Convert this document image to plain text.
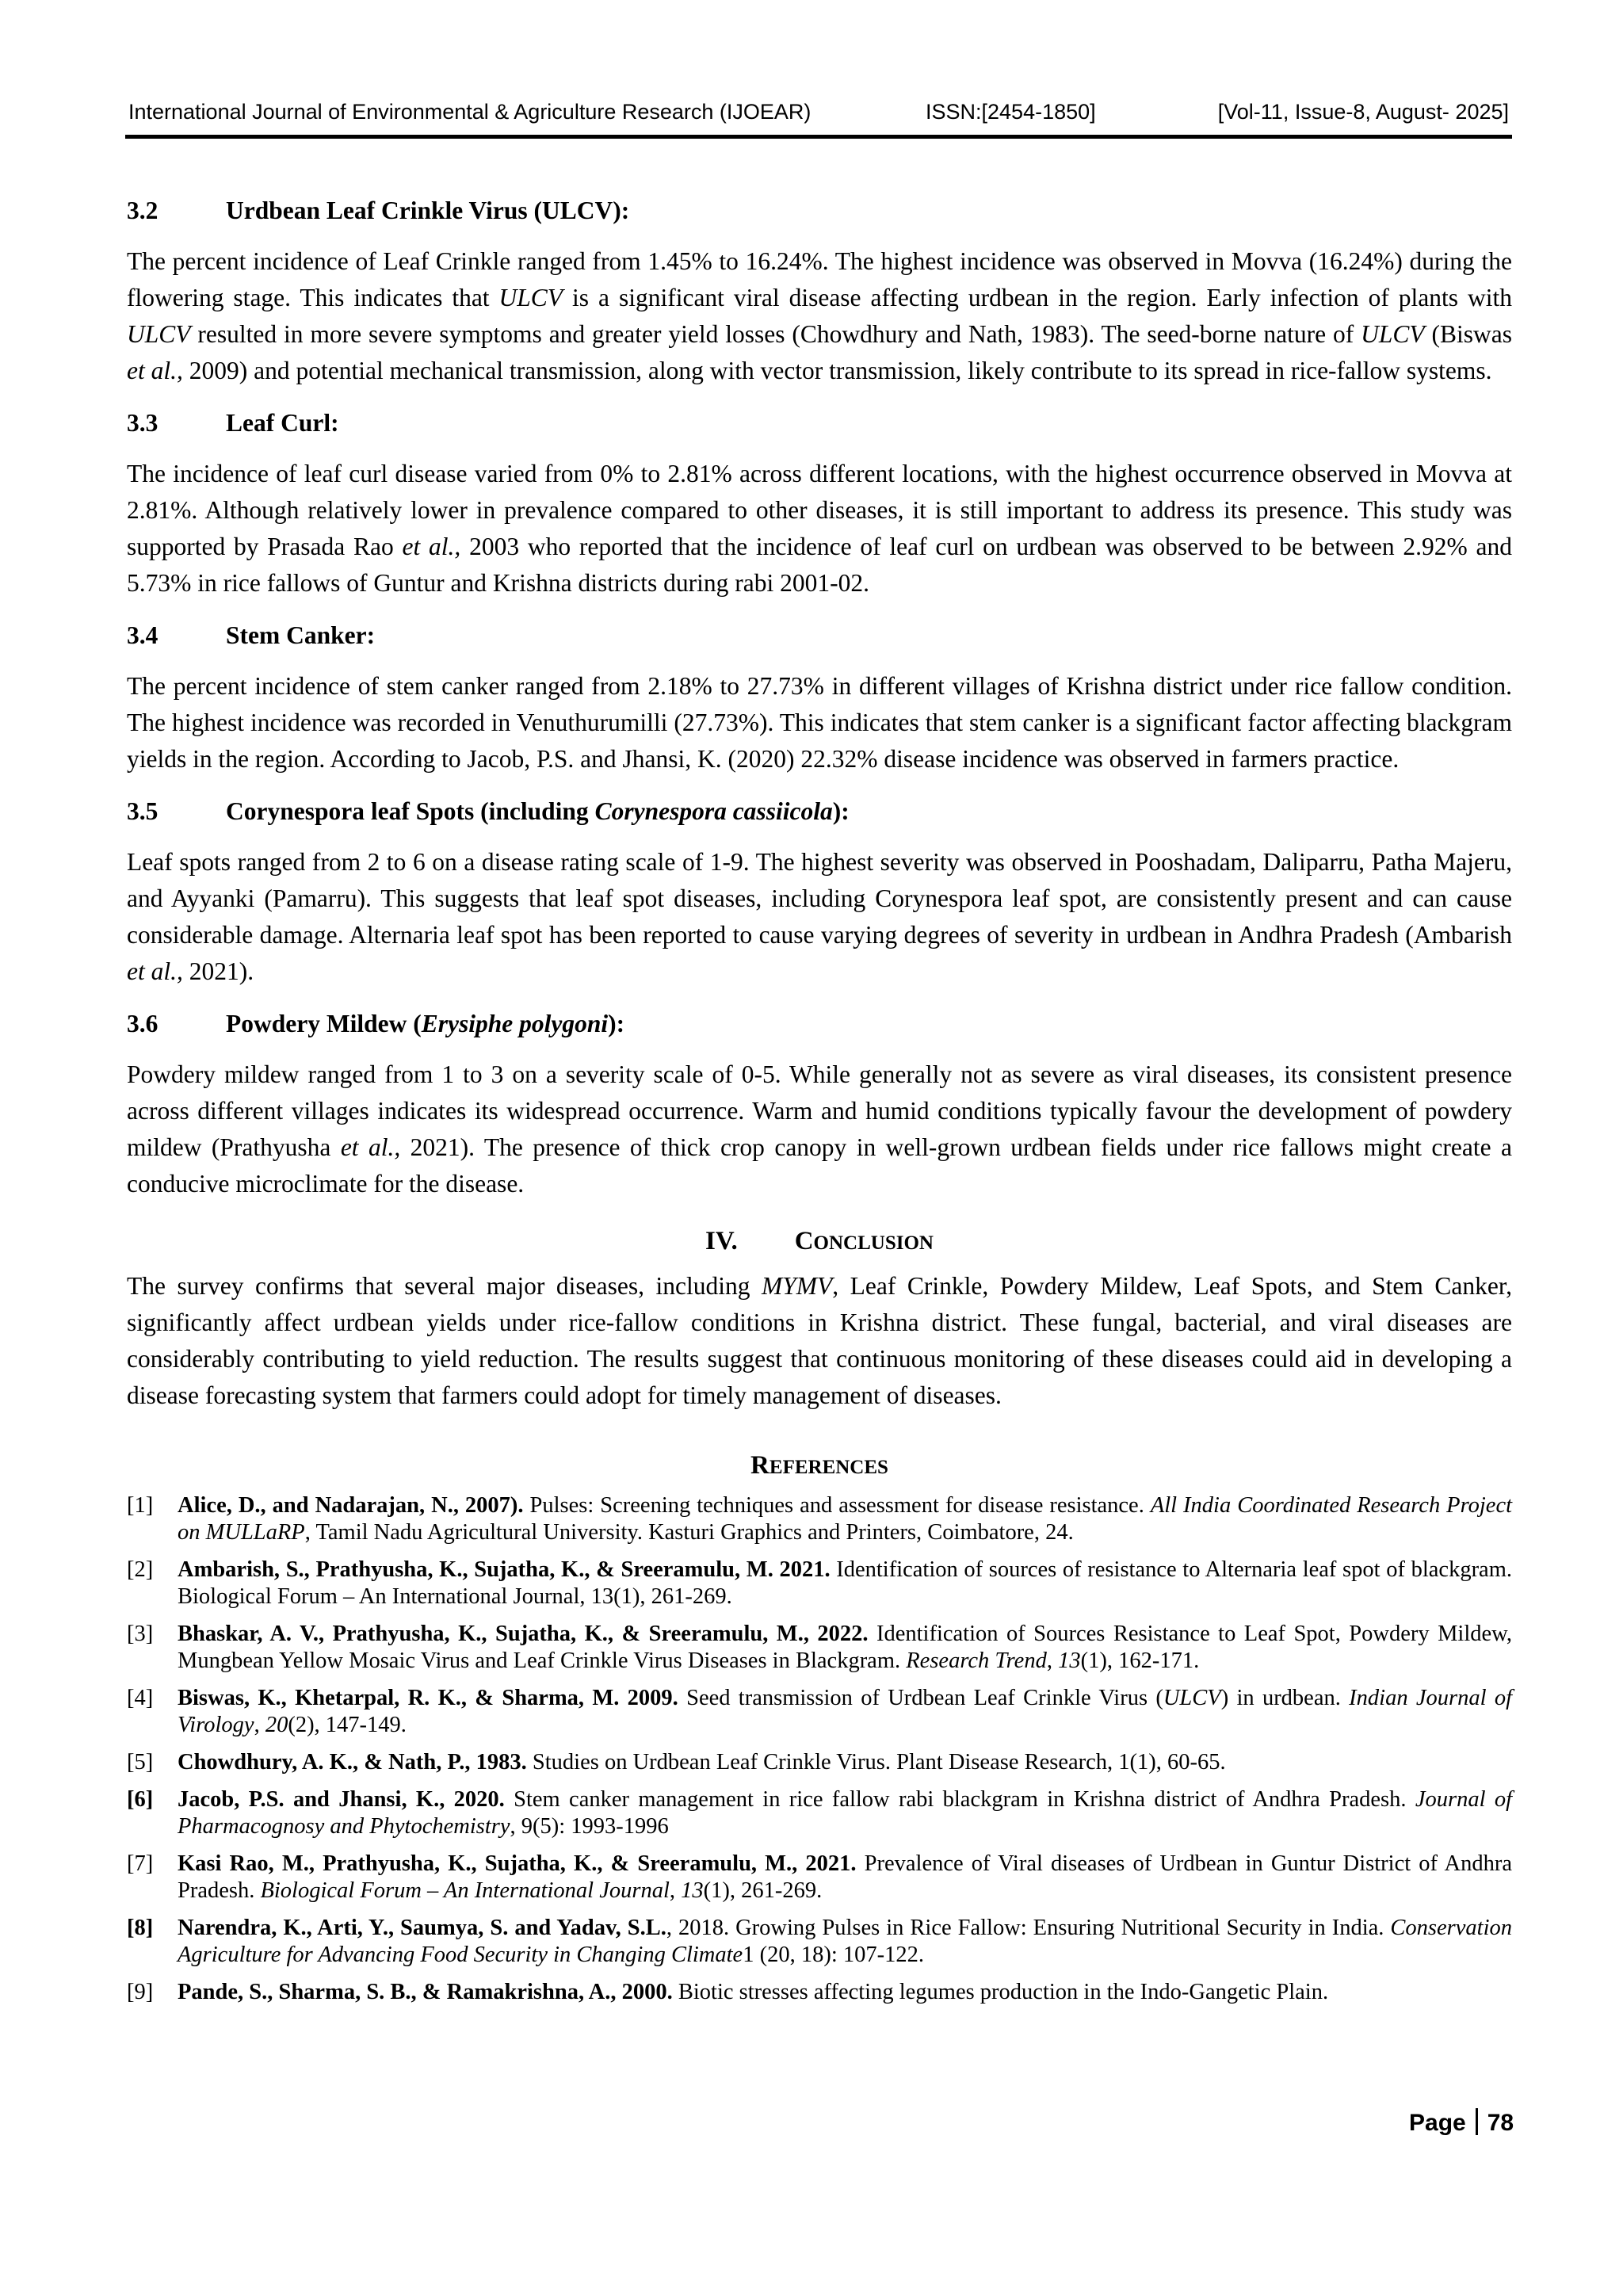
International Journal of Environmental & Agriculture Research (IJOEAR)	ISSN:[2454-1850]	[Vol-11, Issue-8, August- 2025]
3.2	Urdbean Leaf Crinkle Virus (ULCV):

The percent incidence of Leaf Crinkle ranged from 1.45% to 16.24%. The highest incidence was observed in Movva (16.24%) during the flowering stage. This indicates that ULCV is a significant viral disease affecting urdbean in the region. Early infection of plants with ULCV resulted in more severe symptoms and greater yield losses (Chowdhury and Nath, 1983). The seed-borne nature of ULCV (Biswas et al., 2009) and potential mechanical transmission, along with vector transmission, likely contribute to its spread in rice-fallow systems.

3.3	Leaf Curl:

The incidence of leaf curl disease varied from 0% to 2.81% across different locations, with the highest occurrence observed in Movva at 2.81%. Although relatively lower in prevalence compared to other diseases, it is still important to address its presence. This study was supported by Prasada Rao et al., 2003 who reported that the incidence of leaf curl on urdbean was observed to be between 2.92% and 5.73% in rice fallows of Guntur and Krishna districts during rabi 2001-02.

3.4	Stem Canker:

The percent incidence of stem canker ranged from 2.18% to 27.73% in different villages of Krishna district under rice fallow condition. The highest incidence was recorded in Venuthurumilli (27.73%). This indicates that stem canker is a significant factor affecting blackgram yields in the region. According to Jacob, P.S. and Jhansi, K. (2020) 22.32% disease incidence was observed in farmers practice.

3.5	Corynespora leaf Spots (including Corynespora cassiicola):

Leaf spots ranged from 2 to 6 on a disease rating scale of 1-9. The highest severity was observed in Pooshadam, Daliparru, Patha Majeru, and Ayyanki (Pamarru). This suggests that leaf spot diseases, including Corynespora leaf spot, are consistently present and can cause considerable damage. Alternaria leaf spot has been reported to cause varying degrees of severity in urdbean in Andhra Pradesh (Ambarish et al., 2021).

3.6	Powdery Mildew (Erysiphe polygoni):

Powdery mildew ranged from 1 to 3 on a severity scale of 0-5. While generally not as severe as viral diseases, its consistent presence across different villages indicates its widespread occurrence. Warm and humid conditions typically favour the development of powdery mildew (Prathyusha et al., 2021). The presence of thick crop canopy in well-grown urdbean fields under rice fallows might create a conducive microclimate for the disease.

IV. CONCLUSION

The survey confirms that several major diseases, including MYMV, Leaf Crinkle, Powdery Mildew, Leaf Spots, and Stem Canker, significantly affect urdbean yields under rice-fallow conditions in Krishna district. These fungal, bacterial, and viral diseases are considerably contributing to yield reduction. The results suggest that continuous monitoring of these diseases could aid in developing a disease forecasting system that farmers could adopt for timely management of diseases.

REFERENCES
[1] Alice, D., and Nadarajan, N., 2007). Pulses: Screening techniques and assessment for disease resistance. All India Coordinated Research Project on MULLaRP, Tamil Nadu Agricultural University. Kasturi Graphics and Printers, Coimbatore, 24.
[2] Ambarish, S., Prathyusha, K., Sujatha, K., & Sreeramulu, M. 2021. Identification of sources of resistance to Alternaria leaf spot of blackgram. Biological Forum – An International Journal, 13(1), 261-269.
[3] Bhaskar, A. V., Prathyusha, K., Sujatha, K., & Sreeramulu, M., 2022. Identification of Sources Resistance to Leaf Spot, Powdery Mildew, Mungbean Yellow Mosaic Virus and Leaf Crinkle Virus Diseases in Blackgram. Research Trend, 13(1), 162-171.
[4] Biswas, K., Khetarpal, R. K., & Sharma, M. 2009. Seed transmission of Urdbean Leaf Crinkle Virus (ULCV) in urdbean. Indian Journal of Virology, 20(2), 147-149.
[5] Chowdhury, A. K., & Nath, P., 1983. Studies on Urdbean Leaf Crinkle Virus. Plant Disease Research, 1(1), 60-65.
[6] Jacob, P.S. and Jhansi, K., 2020. Stem canker management in rice fallow rabi blackgram in Krishna district of Andhra Pradesh. Journal of Pharmacognosy and Phytochemistry, 9(5): 1993-1996
[7] Kasi Rao, M., Prathyusha, K., Sujatha, K., & Sreeramulu, M., 2021. Prevalence of Viral diseases of Urdbean in Guntur District of Andhra Pradesh. Biological Forum – An International Journal, 13(1), 261-269.
[8] Narendra, K., Arti, Y., Saumya, S. and Yadav, S.L., 2018. Growing Pulses in Rice Fallow: Ensuring Nutritional Security in India. Conservation Agriculture for Advancing Food Security in Changing Climate1 (20, 18): 107-122.
[9] Pande, S., Sharma, S. B., & Ramakrishna, A., 2000. Biotic stresses affecting legumes production in the Indo-Gangetic Plain.
Page 78
